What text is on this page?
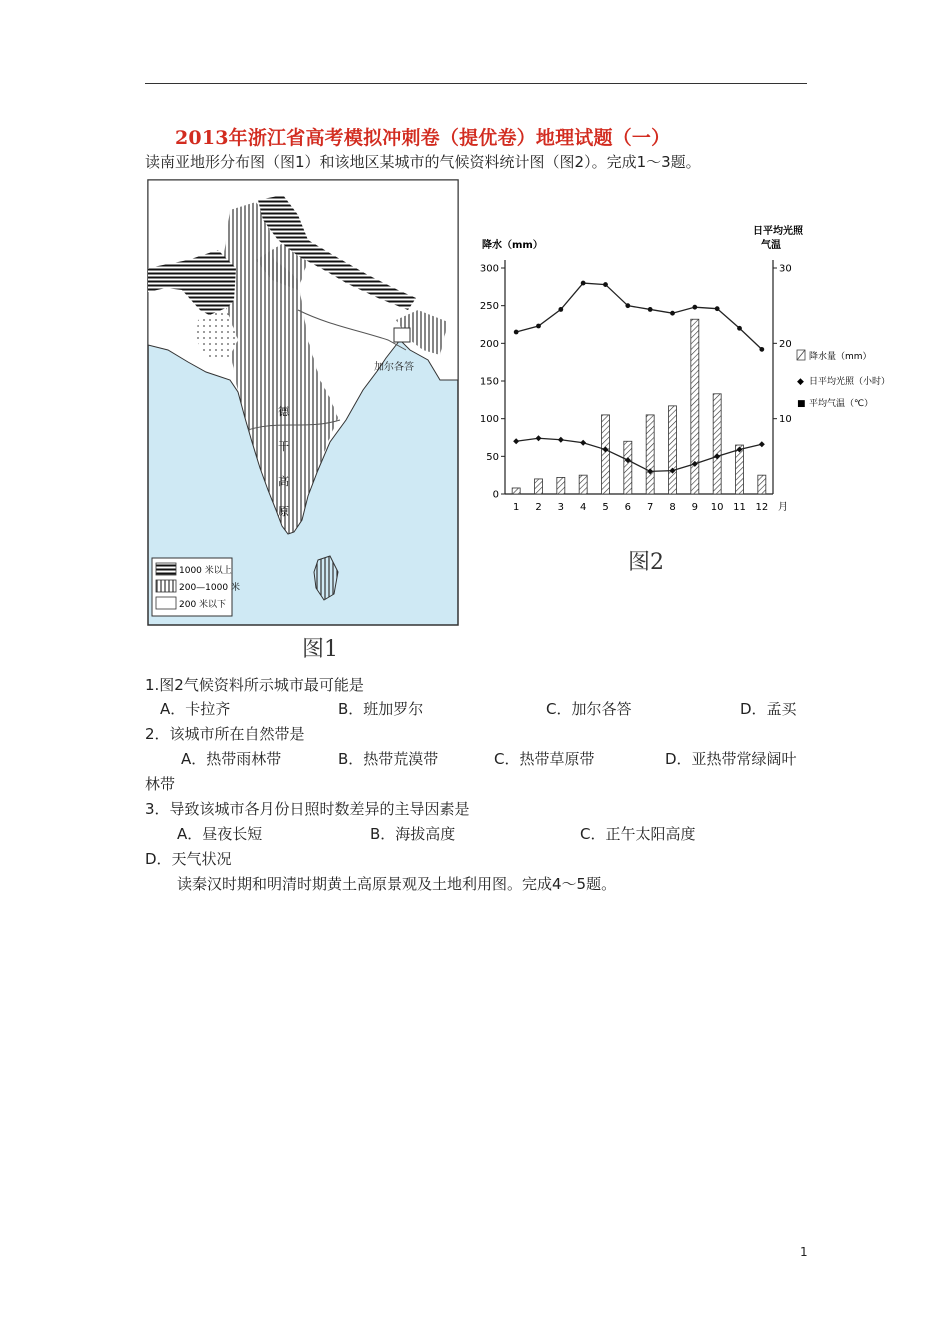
2013年浙江省高考模拟冲刺卷（提优卷）地理试题（一）
读南亚地形分布图（图1）和该地区某城市的气候资料统计图（图2）。完成1～3题。
加尔各答
德
干
高
原
1000 米以上
200—1000 米
200 米以下
图1
降水（mm）
日平均光照
气温
月
降水量（mm）
◆ 日平均光照（小时）
■ 平均气温（℃）
0
50
100
150
200
250
300
10
20
30
1 2 3 4 5 6 7 8 9 10 11 12
图2
1.图2气候资料所示城市最可能是
A．卡拉齐	B．班加罗尔	C．加尔各答	D．孟买
2．该城市所在自然带是
A．热带雨林带	B．热带荒漠带	C．热带草原带	D．亚热带常绿阔叶
林带
3．导致该城市各月份日照时数差异的主导因素是
A．昼夜长短	B．海拔高度	C．正午太阳高度
D．天气状况
读秦汉时期和明清时期黄土高原景观及土地利用图。完成4～5题。
1
